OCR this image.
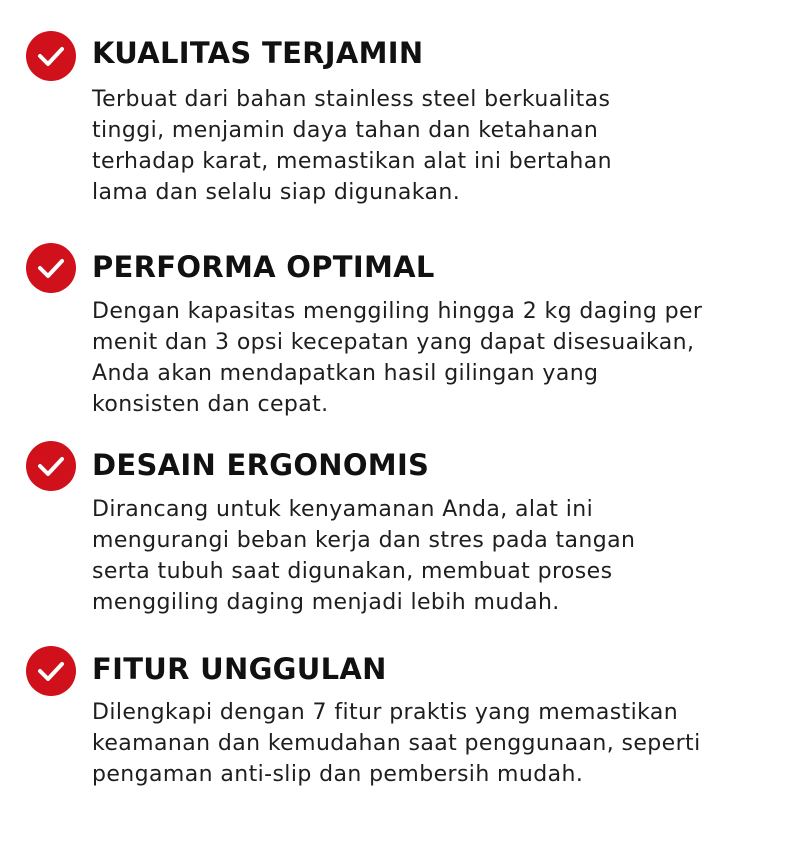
KUALITAS TERJAMIN

Terbuat dari bahan stainless steel berkualitas
tinggi, menjamin daya tahan dan ketahanan
terhadap karat, memastikan alat ini bertahan
lama dan selalu siap digunakan.

PERFORMA OPTIMAL

Dengan kapasitas menggiling hingga 2 kg daging per
menit dan 3 opsi kecepatan yang dapat disesuaikan,
Anda akan mendapatkan hasil gilingan yang
konsisten dan cepat.

DESAIN ERGONOMIS

Dirancang untuk kenyamanan Anda, alat ini
mengurangi beban kerja dan stres pada tangan
serta tubuh saat digunakan, membuat proses
menggiling daging menjadi lebih mudah.

FITUR UNGGULAN

Dilengkapi dengan 7 fitur praktis yang memastikan
keamanan dan kemudahan saat penggunaan, seperti
pengaman anti-slip dan pembersih mudah.
